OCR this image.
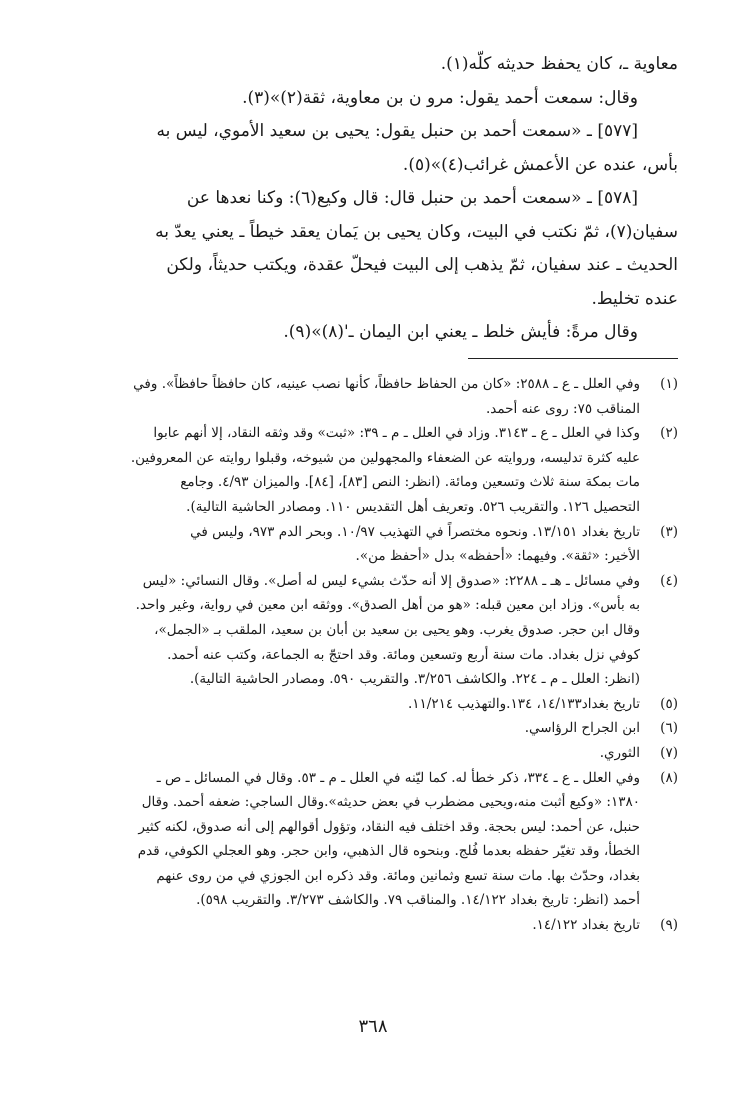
معاوية ـ، كان يحفظ حديثه كلّه(١).

وقال: سمعت أحمد يقول: مرو ن بن معاوية، ثقة(٢)»(٣).

[٥٧٧] ـ «سمعت أحمد بن حنبل يقول: يحيى بن سعيد الأموي، ليس به

بأس، عنده عن الأعمش غرائب(٤)»(٥).

[٥٧٨] ـ «سمعت أحمد بن حنبل قال: قال وكيع(٦): وكنا نعدها عن

سفيان(٧)، ثمّ نكتب في البيت، وكان يحيى بن يَمان يعقد خيطاً ـ يعني يعدّ به

الحديث ـ عند سفيان، ثمّ يذهب إلى البيت فيحلّ عقدة، ويكتب حديثاً، ولكن

عنده تخليط.

وقال مرةً: فأيش خلط ـ يعني ابن اليمان ـ'(٨)»(٩).

(١)
وفي العلل ـ ع ـ ٢٥٨٨: «كان من الحفاظ حافظاً، كأنها نصب عينيه، كان حافظاً حافظاً». وفي
المناقب ٧٥: روى عنه أحمد.
(٢)
وكذا في العلل ـ ع ـ ٣١٤٣. وزاد في العلل ـ م ـ ٣٩: «ثبت» وقد وثقه النقاد، إلا أنهم عابوا
عليه كثرة تدليسه، وروايته عن الضعفاء والمجهولين من شيوخه، وقبلوا روايته عن المعروفين.
مات بمكة سنة ثلاث وتسعين ومائة. (انظر: النص [٨٣]، [٨٤]. والميزان ٤/٩٣. وجامع
التحصيل ١٢٦. والتقريب ٥٢٦. وتعريف أهل التقديس ١١٠. ومصادر الحاشية التالية).
(٣)
تاريخ بغداد ١٣/١٥١. ونحوه مختصراً في التهذيب ١٠/٩٧. وبحر الدم ٩٧٣، وليس في
الأخير: «ثقة». وفيهما: «أحفظه» بدل «أحفظ من».
(٤)
وفي مسائل ـ هـ ـ ٢٢٨٨: «صدوق إلا أنه حدّث بشيء ليس له أصل». وقال النسائي: «ليس
به بأس». وزاد ابن معين قبله: «هو من أهل الصدق». ووثقه ابن معين في رواية، وغير واحد.
وقال ابن حجر. صدوق يغرب. وهو يحيى بن سعيد بن أبان بن سعيد، الملقب بـ «الجمل»،
كوفي نزل بغداد. مات سنة أربع وتسعين ومائة. وقد احتجّ به الجماعة، وكتب عنه أحمد.
(انظر: العلل ـ م ـ ٢٢٤. والكاشف ٣/٢٥٦. والتقريب ٥٩٠. ومصادر الحاشية التالية).
(٥)
تاريخ بغداد١٤/١٣٣، ١٣٤.والتهذيب ١١/٢١٤.
(٦)
ابن الجراح الرؤاسي.
(٧)
الثوري.
(٨)
وفي العلل ـ ع ـ ٣٣٤، ذكر خطأ له. كما ليّنه في العلل ـ م ـ ٥٣. وقال في المسائل ـ ص ـ
١٣٨٠: «وكيع أثبت منه،ويحيى مضطرب في بعض حديثه».وقال الساجي: ضعفه أحمد. وقال
حنبل، عن أحمد: ليس بحجة. وقد اختلف فيه النقاد، وتؤول أقوالهم إلى أنه صدوق، لكنه كثير
الخطأ، وقد تغيّر حفظه بعدما فُلج. وبنحوه قال الذهبي، وابن حجر. وهو العجلي الكوفي، قدم
بغداد، وحدّث بها. مات سنة تسع وثمانين ومائة. وقد ذكره ابن الجوزي في من روى عنهم
أحمد (انظر: تاريخ بغداد ١٤/١٢٢. والمناقب ٧٩. والكاشف ٣/٢٧٣. والتقريب ٥٩٨).
(٩)
تاريخ بغداد ١٤/١٢٢.
٣٦٨
